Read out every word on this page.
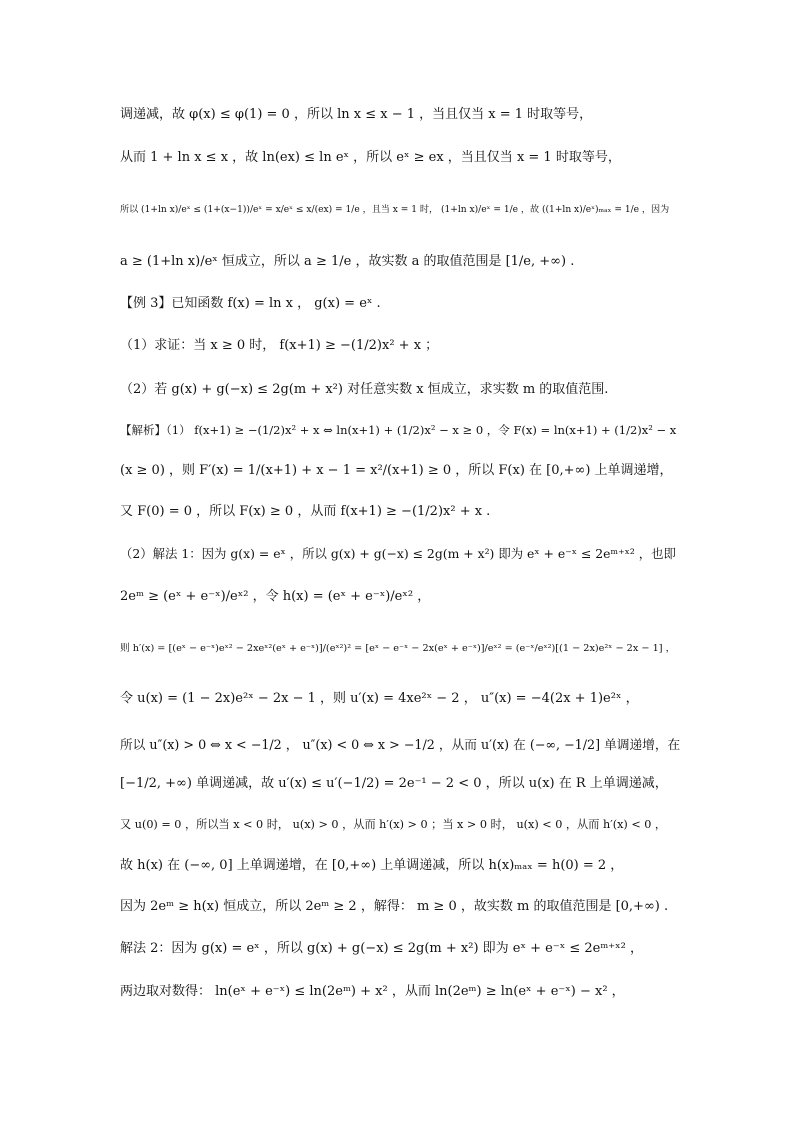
调递减，故 φ(x) ≤ φ(1) = 0 ，所以 ln x ≤ x − 1 ，当且仅当 x = 1 时取等号，
从而 1 + ln x ≤ x ，故 ln(ex) ≤ ln eˣ ，所以 eˣ ≥ ex ，当且仅当 x = 1 时取等号，
所以 (1+ln x)/eˣ ≤ (1+(x−1))/eˣ = x/eˣ ≤ x/(ex) = 1/e ，且当 x = 1 时， (1+ln x)/eˣ = 1/e ，故 ((1+ln x)/eˣ)ₘₐₓ = 1/e ，因为
a ≥ (1+ln x)/eˣ 恒成立，所以 a ≥ 1/e ，故实数 a 的取值范围是 [1/e, +∞) .
【例 3】已知函数 f(x) = ln x ， g(x) = eˣ .
（1）求证：当 x ≥ 0 时， f(x+1) ≥ −(1/2)x² + x ；
（2）若 g(x) + g(−x) ≤ 2g(m + x²) 对任意实数 x 恒成立，求实数 m 的取值范围.
【解析】（1） f(x+1) ≥ −(1/2)x² + x ⇔ ln(x+1) + (1/2)x² − x ≥ 0 ，令 F(x) = ln(x+1) + (1/2)x² − x
(x ≥ 0) ，则 F′(x) = 1/(x+1) + x − 1 = x²/(x+1) ≥ 0 ，所以 F(x) 在 [0,+∞) 上单调递增，
又 F(0) = 0 ，所以 F(x) ≥ 0 ，从而 f(x+1) ≥ −(1/2)x² + x .
（2）解法 1：因为 g(x) = eˣ ，所以 g(x) + g(−x) ≤ 2g(m + x²) 即为 eˣ + e⁻ˣ ≤ 2eᵐ⁺ˣ² ，也即
2eᵐ ≥ (eˣ + e⁻ˣ)/eˣ² ，令 h(x) = (eˣ + e⁻ˣ)/eˣ² ，
则 h′(x) = [(eˣ − e⁻ˣ)eˣ² − 2xeˣ²(eˣ + e⁻ˣ)]/(eˣ²)² = [eˣ − e⁻ˣ − 2x(eˣ + e⁻ˣ)]/eˣ² = (e⁻ˣ/eˣ²)[(1 − 2x)e²ˣ − 2x − 1] ，
令 u(x) = (1 − 2x)e²ˣ − 2x − 1 ，则 u′(x) = 4xe²ˣ − 2 ， u″(x) = −4(2x + 1)e²ˣ ，
所以 u″(x) > 0 ⇔ x < −1/2 ， u″(x) < 0 ⇔ x > −1/2 ，从而 u′(x) 在 (−∞, −1/2] 单调递增，在
[−1/2, +∞) 单调递减，故 u′(x) ≤ u′(−1/2) = 2e⁻¹ − 2 < 0 ，所以 u(x) 在 R 上单调递减，
又 u(0) = 0 ，所以当 x < 0 时， u(x) > 0 ，从而 h′(x) > 0 ；当 x > 0 时， u(x) < 0 ，从而 h′(x) < 0 ，
故 h(x) 在 (−∞, 0] 上单调递增，在 [0,+∞) 上单调递减，所以 h(x)ₘₐₓ = h(0) = 2 ，
因为 2eᵐ ≥ h(x) 恒成立，所以 2eᵐ ≥ 2 ，解得： m ≥ 0 ，故实数 m 的取值范围是 [0,+∞) .
解法 2：因为 g(x) = eˣ ，所以 g(x) + g(−x) ≤ 2g(m + x²) 即为 eˣ + e⁻ˣ ≤ 2eᵐ⁺ˣ² ，
两边取对数得： ln(eˣ + e⁻ˣ) ≤ ln(2eᵐ) + x² ，从而 ln(2eᵐ) ≥ ln(eˣ + e⁻ˣ) − x² ，
